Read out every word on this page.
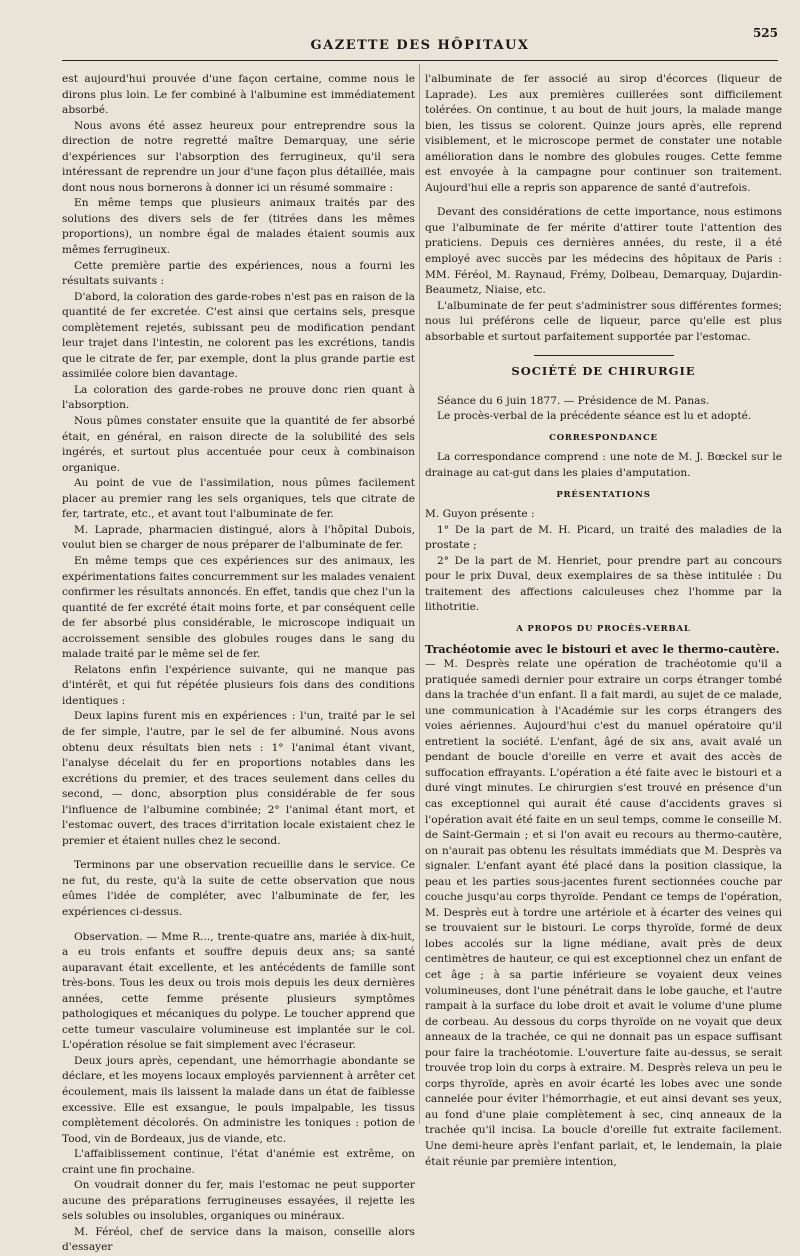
525
GAZETTE DES HÔPITAUX

est aujourd'hui prouvée d'une façon certaine, comme nous le dirons plus loin. Le fer combiné à l'albumine est immédiatement absorbé.

Nous avons été assez heureux pour entreprendre sous la direction de notre regretté maître Demarquay, une série d'expériences sur l'absorption des ferrugineux, qu'il sera intéressant de reprendre un jour d'une façon plus détaillée, mais dont nous nous bornerons à donner ici un résumé sommaire :

En même temps que plusieurs animaux traités par des solutions des divers sels de fer (titrées dans les mêmes proportions), un nombre égal de malades étaient soumis aux mêmes ferrugineux.

Cette première partie des expériences, nous a fourni les résultats suivants :

D'abord, la coloration des garde-robes n'est pas en raison de la quantité de fer excretée. C'est ainsi que certains sels, presque complètement rejetés, subissant peu de modification pendant leur trajet dans l'intestin, ne colorent pas les excrétions, tandis que le citrate de fer, par exemple, dont la plus grande partie est assimilée colore bien davantage.

La coloration des garde-robes ne prouve donc rien quant à l'absorption.

Nous pûmes constater ensuite que la quantité de fer absorbé était, en général, en raison directe de la solubilité des sels ingérés, et surtout plus accentuée pour ceux à combinaison organique.

Au point de vue de l'assimilation, nous pûmes facilement placer au premier rang les sels organiques, tels que citrate de fer, tartrate, etc., et avant tout l'albuminate de fer.

M. Laprade, pharmacien distingué, alors à l'hôpital Dubois, voulut bien se charger de nous préparer de l'albuminate de fer.

En même temps que ces expériences sur des animaux, les expérimentations faites concurremment sur les malades venaient confirmer les résultats annoncés. En effet, tandis que chez l'un la quantité de fer excrété était moins forte, et par conséquent celle de fer absorbé plus considérable, le microscope indiquait un accroissement sensible des globules rouges dans le sang du malade traité par le même sel de fer.

Relatons enfin l'expérience suivante, qui ne manque pas d'intérêt, et qui fut répétée plusieurs fois dans des conditions identiques :

Deux lapins furent mis en expériences : l'un, traité par le sel de fer simple, l'autre, par le sel de fer albuminé. Nous avons obtenu deux résultats bien nets : 1° l'animal étant vivant, l'analyse décelait du fer en proportions notables dans les excrétions du premier, et des traces seulement dans celles du second, — donc, absorption plus considérable de fer sous l'influence de l'albumine combinée; 2° l'animal étant mort, et l'estomac ouvert, des traces d'irritation locale existaient chez le premier et étaient nulles chez le second.

Terminons par une observation recueillie dans le service. Ce ne fut, du reste, qu'à la suite de cette observation que nous eûmes l'idée de compléter, avec l'albuminate de fer, les expériences ci-dessus.

Observation. — Mme R..., trente-quatre ans, mariée à dix-huit, a eu trois enfants et souffre depuis deux ans; sa santé auparavant était excellente, et les antécédents de famille sont très-bons. Tous les deux ou trois mois depuis les deux dernières années, cette femme présente plusieurs symptômes pathologiques et mécaniques du polype. Le toucher apprend que cette tumeur vasculaire volumineuse est implantée sur le col. L'opération résolue se fait simplement avec l'écraseur.

Deux jours après, cependant, une hémorrhagie abondante se déclare, et les moyens locaux employés parviennent à arrêter cet écoulement, mais ils laissent la malade dans un état de faiblesse excessive. Elle est exsangue, le pouls impalpable, les tissus complètement décolorés. On administre les toniques : potion de Tood, vin de Bordeaux, jus de viande, etc.

L'affaiblissement continue, l'état d'anémie est extrême, on craint une fin prochaine.

On voudrait donner du fer, mais l'estomac ne peut supporter aucune des préparations ferrugineuses essayées, il rejette les sels solubles ou insolubles, organiques ou minéraux.

M. Féréol, chef de service dans la maison, conseille alors d'essayer

l'albuminate de fer associé au sirop d'écorces (liqueur de Laprade). Les aux premières cuillerées sont difficilement tolérées. On continue, t au bout de huit jours, la malade mange bien, les tissus se colorent. Quinze jours après, elle reprend visiblement, et le microscope permet de constater une notable amélioration dans le nombre des globules rouges. Cette femme est envoyée à la campagne pour continuer son traitement. Aujourd'hui elle a repris son apparence de santé d'autrefois.

Devant des considérations de cette importance, nous estimons que l'albuminate de fer mérite d'attirer toute l'attention des praticiens. Depuis ces dernières années, du reste, il a été employé avec succès par les médecins des hôpitaux de Paris : MM. Féréol, M. Raynaud, Frémy, Dolbeau, Demarquay, Dujardin-Beaumetz, Niaise, etc.

L'albuminate de fer peut s'administrer sous différentes formes; nous lui préférons celle de liqueur, parce qu'elle est plus absorbable et surtout parfaitement supportée par l'estomac.

SOCIÉTÉ DE CHIRURGIE

Séance du 6 juin 1877. — Présidence de M. Panas.

Le procès-verbal de la précédente séance est lu et adopté.

CORRESPONDANCE

La correspondance comprend : une note de M. J. Bœckel sur le drainage au cat-gut dans les plaies d'amputation.

PRÉSENTATIONS

M. Guyon présente :

1° De la part de M. H. Picard, un traité des maladies de la prostate ;

2° De la part de M. Henriet, pour prendre part au concours pour le prix Duval, deux exemplaires de sa thèse intitulée : Du traitement des affections calculeuses chez l'homme par la lithotritie.

A PROPOS DU PROCÈS-VERBAL

Trachéotomie avec le bistouri et avec le thermo-cautère.

— M. Desprès relate une opération de trachéotomie qu'il a pratiquée samedi dernier pour extraire un corps étranger tombé dans la trachée d'un enfant. Il a fait mardi, au sujet de ce malade, une communication à l'Académie sur les corps étrangers des voies aériennes. Aujourd'hui c'est du manuel opératoire qu'il entretient la société. L'enfant, âgé de six ans, avait avalé un pendant de boucle d'oreille en verre et avait des accès de suffocation effrayants. L'opération a été faite avec le bistouri et a duré vingt minutes. Le chirurgien s'est trouvé en présence d'un cas exceptionnel qui aurait été cause d'accidents graves si l'opération avait été faite en un seul temps, comme le conseille M. de Saint-Germain ; et si l'on avait eu recours au thermo-cautère, on n'aurait pas obtenu les résultats immédiats que M. Desprès va signaler. L'enfant ayant été placé dans la position classique, la peau et les parties sous-jacentes furent sectionnées couche par couche jusqu'au corps thyroïde. Pendant ce temps de l'opération, M. Desprès eut à tordre une artériole et à écarter des veines qui se trouvaient sur le bistouri. Le corps thyroïde, formé de deux lobes accolés sur la ligne médiane, avait près de deux centimètres de hauteur, ce qui est exceptionnel chez un enfant de cet âge ; à sa partie inférieure se voyaient deux veines volumineuses, dont l'une pénétrait dans le lobe gauche, et l'autre rampait à la surface du lobe droit et avait le volume d'une plume de corbeau. Au dessous du corps thyroïde on ne voyait que deux anneaux de la trachée, ce qui ne donnait pas un espace suffisant pour faire la trachéotomie. L'ouverture faite au-dessus, se serait trouvée trop loin du corps à extraire. M. Desprès releva un peu le corps thyroïde, après en avoir écarté les lobes avec une sonde cannelée pour éviter l'hémorrhagie, et eut ainsi devant ses yeux, au fond d'une plaie complètement à sec, cinq anneaux de la trachée qu'il incisa. La boucle d'oreille fut extraite facilement. Une demi-heure après l'enfant parlait, et, le lendemain, la plaie était réunie par première intention,
